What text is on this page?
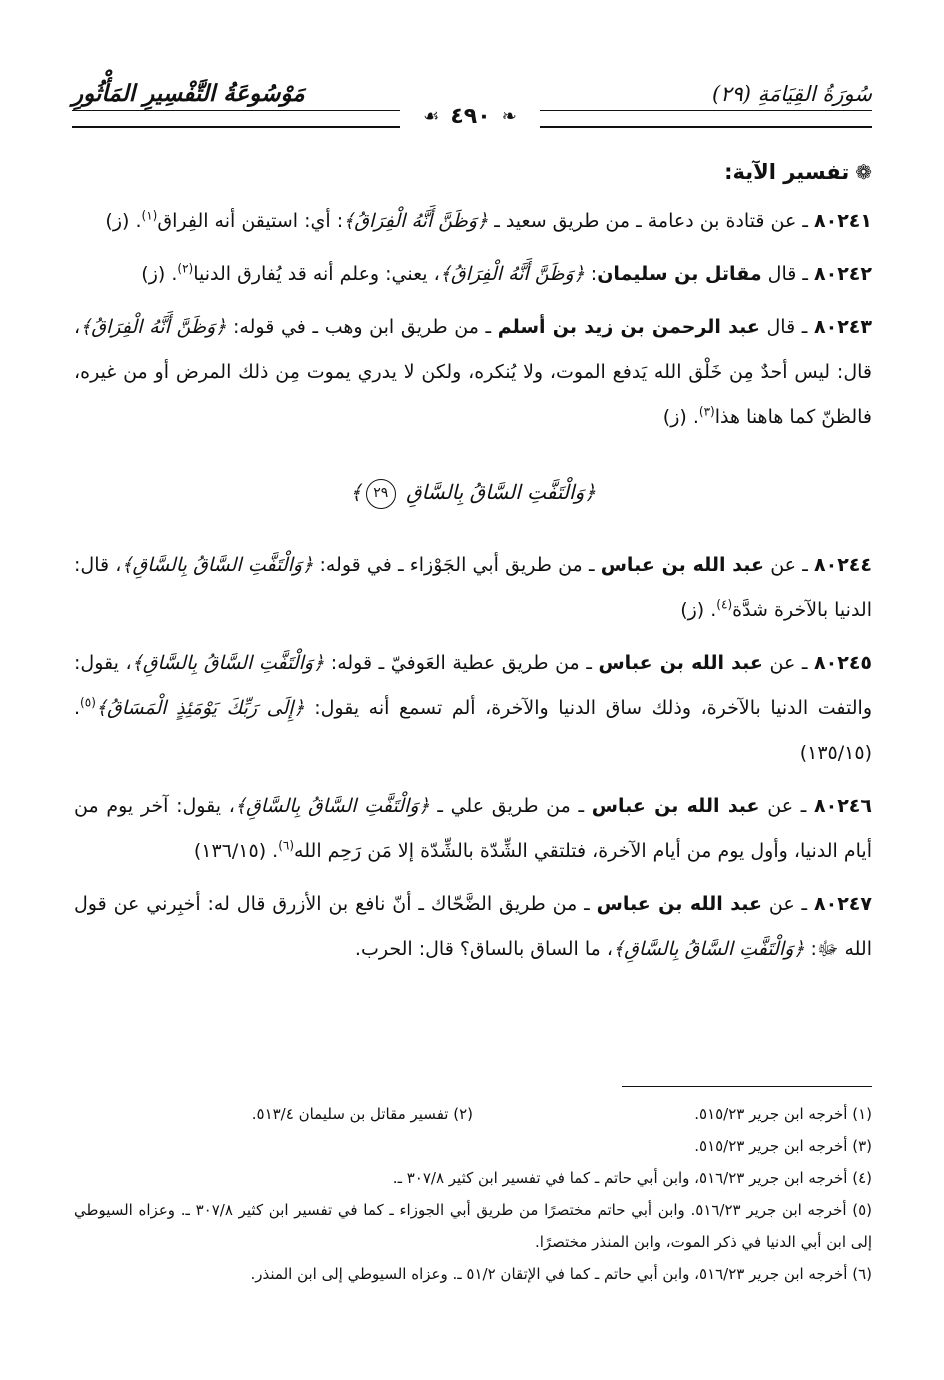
سُورَةُ القِيَامَةِ (٢٩)
مَوْسُوعَةُ التَّفْسِيرِ المَأْثُورِ
❧ ٤٩٠ ☙
❁تفسير الآية:
٨٠٢٤١ ـ عن قتادة بن دعامة ـ من طريق سعيد ـ ﴿وَظَنَّ أَنَّهُ الْفِرَاقُ﴾: أي: استيقن أنه الفِراق$^{(١)}$. (ز)
٨٠٢٤٢ ـ قال مقاتل بن سليمان: ﴿وَظَنَّ أَنَّهُ الْفِرَاقُ﴾، يعني: وعلم أنه قد يُفارق الدنيا$^{(٢)}$. (ز)
٨٠٢٤٣ ـ قال عبد الرحمن بن زيد بن أسلم ـ من طريق ابن وهب ـ في قوله: ﴿وَظَنَّ أَنَّهُ الْفِرَاقُ﴾، قال: ليس أحدٌ مِن خَلْق الله يَدفع الموت، ولا يُنكره، ولكن لا يدري يموت مِن ذلك المرض أو من غيره، فالظنّ كما هاهنا هذا$^{(٣)}$. (ز)
﴿وَالْتَفَّتِ السَّاقُ بِالسَّاقِ ٢٩﴾
٨٠٢٤٤ ـ عن عبد الله بن عباس ـ من طريق أبي الجَوْزاء ـ في قوله: ﴿وَالْتَفَّتِ السَّاقُ بِالسَّاقِ﴾، قال: الدنيا بالآخرة شدَّة$^{(٤)}$. (ز)
٨٠٢٤٥ ـ عن عبد الله بن عباس ـ من طريق عطية العَوفيّ ـ قوله: ﴿وَالْتَفَّتِ السَّاقُ بِالسَّاقِ﴾، يقول: والتفت الدنيا بالآخرة، وذلك ساق الدنيا والآخرة، ألم تسمع أنه يقول: ﴿إِلَى رَبِّكَ يَوْمَئِذٍ الْمَسَاقُ﴾$^{(٥)}$. (١٣٥/١٥)
٨٠٢٤٦ ـ عن عبد الله بن عباس ـ من طريق علي ـ ﴿وَالْتَفَّتِ السَّاقُ بِالسَّاقِ﴾، يقول: آخر يوم من أيام الدنيا، وأول يوم من أيام الآخرة، فتلتقي الشِّدّة بالشِّدّة إلا مَن رَحِم الله$^{(٦)}$. (١٣٦/١٥)
٨٠٢٤٧ ـ عن عبد الله بن عباس ـ من طريق الضَّحّاك ـ أنّ نافع بن الأزرق قال له: أخبِرني عن قول الله ﷻ: ﴿وَالْتَفَّتِ السَّاقُ بِالسَّاقِ﴾، ما الساق بالساق؟ قال: الحرب.
(١) أخرجه ابن جرير ٥١٥/٢٣.
(٢) تفسير مقاتل بن سليمان ٥١٣/٤.
(٣) أخرجه ابن جرير ٥١٥/٢٣.
(٤) أخرجه ابن جرير ٥١٦/٢٣، وابن أبي حاتم ـ كما في تفسير ابن كثير ٣٠٧/٨ ـ.
(٥) أخرجه ابن جرير ٥١٦/٢٣. وابن أبي حاتم مختصرًا من طريق أبي الجوزاء ـ كما في تفسير ابن كثير ٣٠٧/٨ ـ. وعزاه السيوطي إلى ابن أبي الدنيا في ذكر الموت، وابن المنذر مختصرًا.
(٦) أخرجه ابن جرير ٥١٦/٢٣، وابن أبي حاتم ـ كما في الإتقان ٥١/٢ ـ. وعزاه السيوطي إلى ابن المنذر.
